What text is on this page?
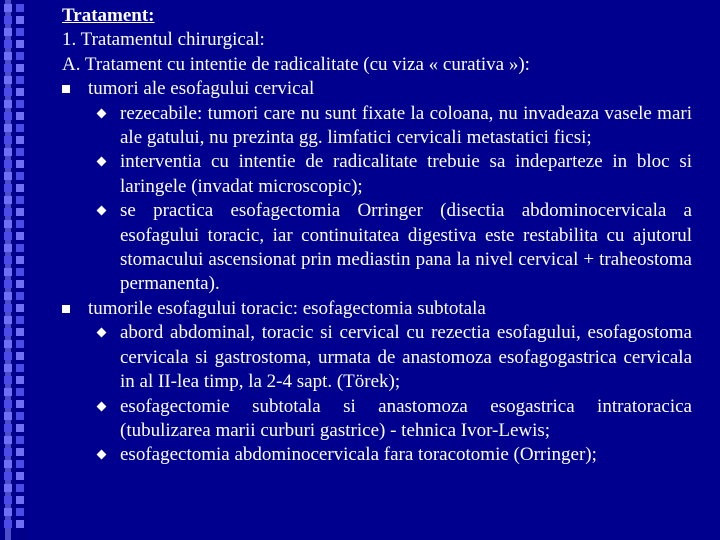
Tratament:
1. Tratamentul chirurgical:
A. Tratament cu intentie de radicalitate (cu viza « curativa »):
tumori ale esofagului cervical
rezecabile: tumori care nu sunt fixate la coloana, nu invadeaza vasele mari ale gatului, nu prezinta gg. limfatici cervicali metastatici ficsi;
interventia cu intentie de radicalitate trebuie sa indeparteze in bloc si laringele (invadat microscopic);
se practica esofagectomia Orringer (disectia abdominocervicala a esofagului toracic, iar continuitatea digestiva este restabilita cu ajutorul stomacului ascensionat prin mediastin pana la nivel cervical + traheostoma permanenta).
tumorile esofagului toracic: esofagectomia subtotala
abord abdominal, toracic si cervical cu rezectia esofagului, esofagostoma cervicala si gastrostoma, urmata de anastomoza esofagogastrica cervicala in al II-lea timp, la 2-4 sapt. (Törek);
esofagectomie subtotala si anastomoza esogastrica intratoracica (tubulizarea marii curburi gastrice) - tehnica Ivor-Lewis;
esofagectomia abdominocervicala fara toracotomie (Orringer);
